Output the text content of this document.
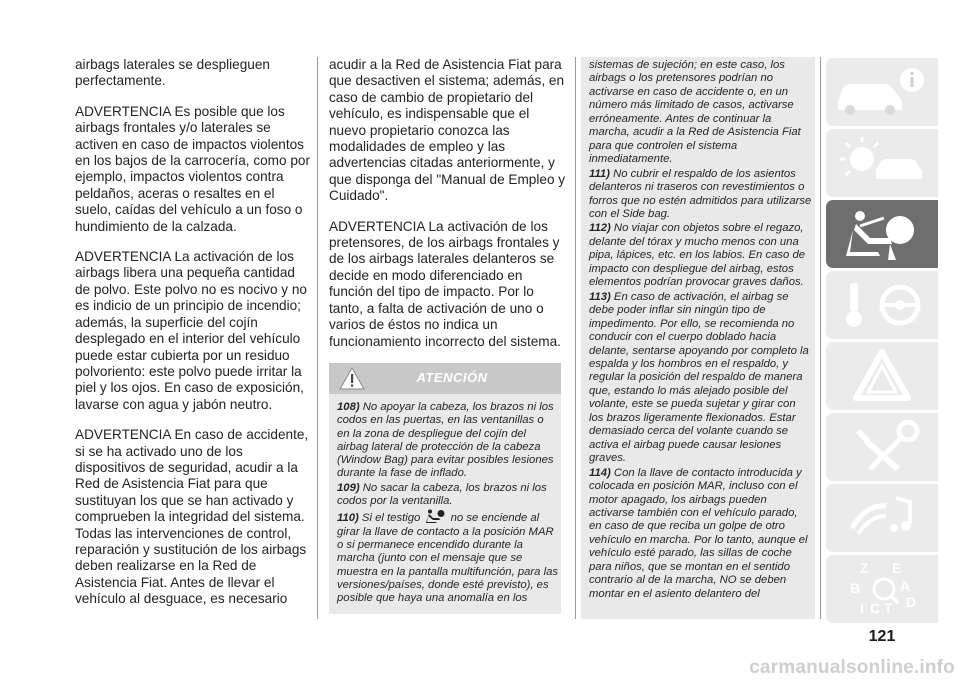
airbags laterales se desplieguen perfectamente.

ADVERTENCIA Es posible que los airbags frontales y/o laterales se activen en caso de impactos violentos en los bajos de la carrocería, como por ejemplo, impactos violentos contra peldaños, aceras o resaltes en el suelo, caídas del vehículo a un foso o hundimiento de la calzada.

ADVERTENCIA La activación de los airbags libera una pequeña cantidad de polvo. Este polvo no es nocivo y no es indicio de un principio de incendio; además, la superficie del cojín desplegado en el interior del vehículo puede estar cubierta por un residuo polvoriento: este polvo puede irritar la piel y los ojos. En caso de exposición, lavarse con agua y jabón neutro.

ADVERTENCIA En caso de accidente, si se ha activado uno de los dispositivos de seguridad, acudir a la Red de Asistencia Fiat para que sustituyan los que se han activado y comprueben la integridad del sistema. Todas las intervenciones de control, reparación y sustitución de los airbags deben realizarse en la Red de Asistencia Fiat. Antes de llevar el vehículo al desguace, es necesario

acudir a la Red de Asistencia Fiat para que desactiven el sistema; además, en caso de cambio de propietario del vehículo, es indispensable que el nuevo propietario conozca las modalidades de empleo y las advertencias citadas anteriormente, y que disponga del "Manual de Empleo y Cuidado".

ADVERTENCIA La activación de los pretensores, de los airbags frontales y de los airbags laterales delanteros se decide en modo diferenciado en función del tipo de impacto. Por lo tanto, a falta de activación de uno o varios de éstos no indica un funcionamiento incorrecto del sistema.

ATENCIÓN

108) No apoyar la cabeza, los brazos ni los codos en las puertas, en las ventanillas o en la zona de despliegue del cojín del airbag lateral de protección de la cabeza (Window Bag) para evitar posibles lesiones durante la fase de inflado.

109) No sacar la cabeza, los brazos ni los codos por la ventanilla.

110) Si el testigo	no se enciende al girar la llave de contacto a la posición MAR o si permanece encendido durante la marcha (junto con el mensaje que se muestra en la pantalla multifunción, para las versiones/países, donde esté previsto), es posible que haya una anomalía en los

sistemas de sujeción; en este caso, los airbags o los pretensores podrían no activarse en caso de accidente o, en un número más limitado de casos, activarse erróneamente. Antes de continuar la marcha, acudir a la Red de Asistencia Fiat para que controlen el sistema inmediatamente.

111) No cubrir el respaldo de los asientos delanteros ni traseros con revestimientos o forros que no estén admitidos para utilizarse con el Side bag.

112) No viajar con objetos sobre el regazo, delante del tórax y mucho menos con una pipa, lápices, etc. en los labios. En caso de impacto con despliegue del airbag, estos elementos podrían provocar graves daños.

113) En caso de activación, el airbag se debe poder inflar sin ningún tipo de impedimento. Por ello, se recomienda no conducir con el cuerpo doblado hacia delante, sentarse apoyando por completo la espalda y los hombros en el respaldo, y regular la posición del respaldo de manera que, estando lo más alejado posible del volante, este se pueda sujetar y girar con los brazos ligeramente flexionados. Estar demasiado cerca del volante cuando se activa el airbag puede causar lesiones graves.

114) Con la llave de contacto introducida y colocada en posición MAR, incluso con el motor apagado, los airbags pueden activarse también con el vehículo parado, en caso de que reciba un golpe de otro vehículo en marcha. Por lo tanto, aunque el vehículo esté parado, las sillas de coche para niños, que se montan en el sentido contrario al de la marcha, NO se deben montar en el asiento delantero del

Z E
B	A
I C T D
121
carmanualsonline.info
